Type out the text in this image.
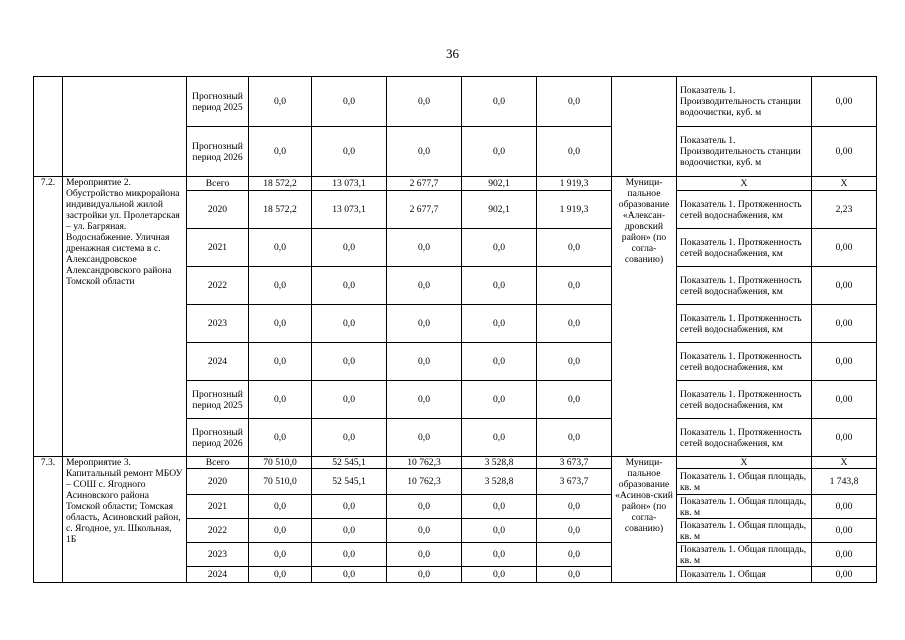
36
		Прогнозный период 2025	0,0	0,0	0,0	0,0	0,0		Показатель 1. Производительность станции водоочистки, куб. м	0,00
		Прогнозный период 2026	0,0	0,0	0,0	0,0	0,0		Показатель 1. Производительность станции водоочистки, куб. м	0,00
7.2.	Мероприятие 2. Обустройство микрорайона индивидуальной жилой застройки ул. Пролетарская – ул. Багряная. Водоснабжение. Уличная дренажная система в с. Александровское Александровского района Томской области	Всего	18 572,2	13 073,1	2 677,7	902,1	1 919,3	Муници-пальное образование «Алексан-дровский район» (по согла-сованию)	Х	Х
		2020	18 572,2	13 073,1	2 677,7	902,1	1 919,3		Показатель 1. Протяженность сетей водоснабжения, км	2,23
		2021	0,0	0,0	0,0	0,0	0,0		Показатель 1. Протяженность сетей водоснабжения, км	0,00
		2022	0,0	0,0	0,0	0,0	0,0		Показатель 1. Протяженность сетей водоснабжения, км	0,00
		2023	0,0	0,0	0,0	0,0	0,0		Показатель 1. Протяженность сетей водоснабжения, км	0,00
		2024	0,0	0,0	0,0	0,0	0,0		Показатель 1. Протяженность сетей водоснабжения, км	0,00
		Прогнозный период 2025	0,0	0,0	0,0	0,0	0,0		Показатель 1. Протяженность сетей водоснабжения, км	0,00
		Прогнозный период 2026	0,0	0,0	0,0	0,0	0,0		Показатель 1. Протяженность сетей водоснабжения, км	0,00
7.3.	Мероприятие 3. Капитальный ремонт МБОУ – СОШ с. Ягодного Асиновского района Томской области; Томская область, Асиновский район, с. Ягодное, ул. Школьная, 1Б	Всего	70 510,0	52 545,1	10 762,3	3 528,8	3 673,7	Муници-пальное образование «Асинов-ский район» (по согла-сованию)	Х	Х
		2020	70 510,0	52 545,1	10 762,3	3 528,8	3 673,7		Показатель 1. Общая площадь, кв. м	1 743,8
		2021	0,0	0,0	0,0	0,0	0,0		Показатель 1. Общая площадь, кв. м	0,00
		2022	0,0	0,0	0,0	0,0	0,0		Показатель 1. Общая площадь, кв. м	0,00
		2023	0,0	0,0	0,0	0,0	0,0		Показатель 1. Общая площадь, кв. м	0,00
		2024	0,0	0,0	0,0	0,0	0,0		Показатель 1. Общая	0,00
